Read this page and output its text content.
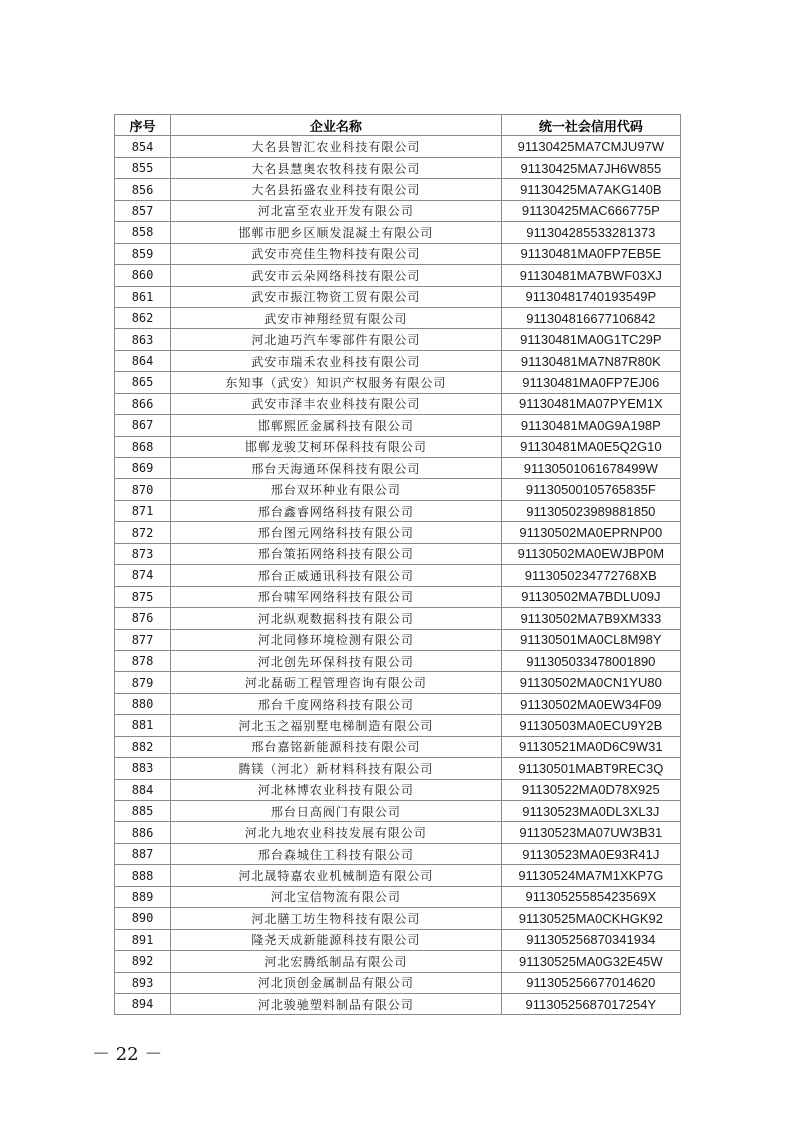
序号	企业名称	统一社会信用代码
854	大名县智汇农业科技有限公司	91130425MA7CMJU97W
855	大名县慧奥农牧科技有限公司	91130425MA7JH6W855
856	大名县拓盛农业科技有限公司	91130425MA7AKG140B
857	河北富至农业开发有限公司	91130425MAC666775P
858	邯郸市肥乡区顺发混凝土有限公司	911304285533281373
859	武安市亮佳生物科技有限公司	91130481MA0FP7EB5E
860	武安市云朵网络科技有限公司	91130481MA7BWF03XJ
861	武安市振江物资工贸有限公司	91130481740193549P
862	武安市神翔经贸有限公司	911304816677106842
863	河北迪巧汽车零部件有限公司	91130481MA0G1TC29P
864	武安市瑞禾农业科技有限公司	91130481MA7N87R80K
865	东知事（武安）知识产权服务有限公司	91130481MA0FP7EJ06
866	武安市泽丰农业科技有限公司	91130481MA07PYEM1X
867	邯郸熙匠金属科技有限公司	91130481MA0G9A198P
868	邯郸龙骏艾柯环保科技有限公司	91130481MA0E5Q2G10
869	邢台天海通环保科技有限公司	91130501061678499W
870	邢台双环种业有限公司	91130500105765835F
871	邢台鑫睿网络科技有限公司	911305023989881850
872	邢台图元网络科技有限公司	91130502MA0EPRNP00
873	邢台策拓网络科技有限公司	91130502MA0EWJBP0M
874	邢台正威通讯科技有限公司	9113050234772768XB
875	邢台啸军网络科技有限公司	91130502MA7BDLU09J
876	河北纵观数据科技有限公司	91130502MA7B9XM333
877	河北同修环境检测有限公司	91130501MA0CL8M98Y
878	河北创先环保科技有限公司	911305033478001890
879	河北磊砺工程管理咨询有限公司	91130502MA0CN1YU80
880	邢台千度网络科技有限公司	91130502MA0EW34F09
881	河北玉之福别墅电梯制造有限公司	91130503MA0ECU9Y2B
882	邢台嘉铭新能源科技有限公司	91130521MA0D6C9W31
883	腾镁（河北）新材料科技有限公司	91130501MABT9REC3Q
884	河北林博农业科技有限公司	91130522MA0D78X925
885	邢台日高阀门有限公司	91130523MA0DL3XL3J
886	河北九地农业科技发展有限公司	91130523MA07UW3B31
887	邢台森城住工科技有限公司	91130523MA0E93R41J
888	河北晟特嘉农业机械制造有限公司	91130524MA7M1XKP7G
889	河北宝信物流有限公司	91130525585423569X
890	河北膳工坊生物科技有限公司	91130525MA0CKHGK92
891	隆尧天成新能源科技有限公司	911305256870341934
892	河北宏腾纸制品有限公司	91130525MA0G32E45W
893	河北顶创金属制品有限公司	911305256677014620
894	河北骏驰塑料制品有限公司	91130525687017254Y
－ 22 －
